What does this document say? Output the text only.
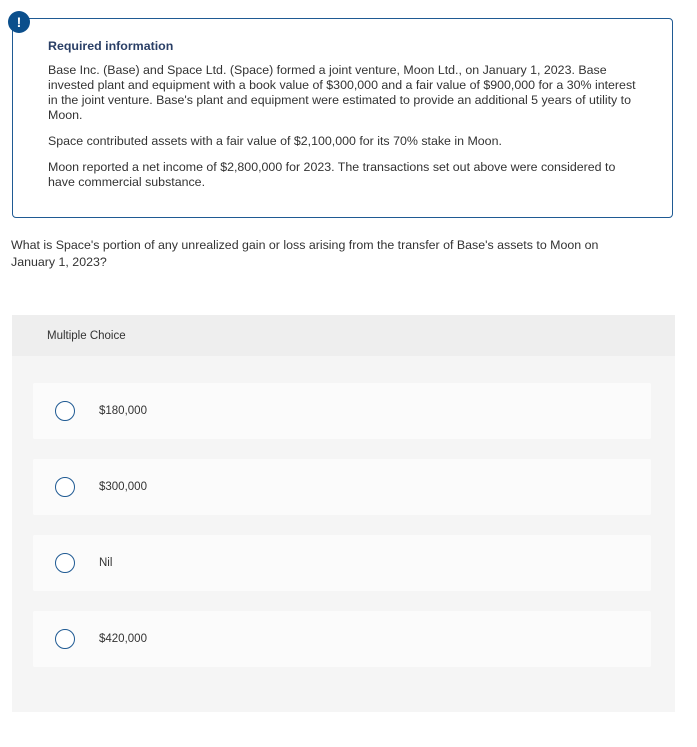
!
Required information

Base Inc. (Base) and Space Ltd. (Space) formed a joint venture, Moon Ltd., on January 1, 2023. Base invested plant and equipment with a book value of $300,000 and a fair value of $900,000 for a 30% interest in the joint venture. Base's plant and equipment were estimated to provide an additional 5 years of utility to Moon.

Space contributed assets with a fair value of $2,100,000 for its 70% stake in Moon.

Moon reported a net income of $2,800,000 for 2023. The transactions set out above were considered to have commercial substance.

What is Space's portion of any unrealized gain or loss arising from the transfer of Base's assets to Moon on January 1, 2023?
Multiple Choice
$180,000
$300,000
Nil
$420,000
